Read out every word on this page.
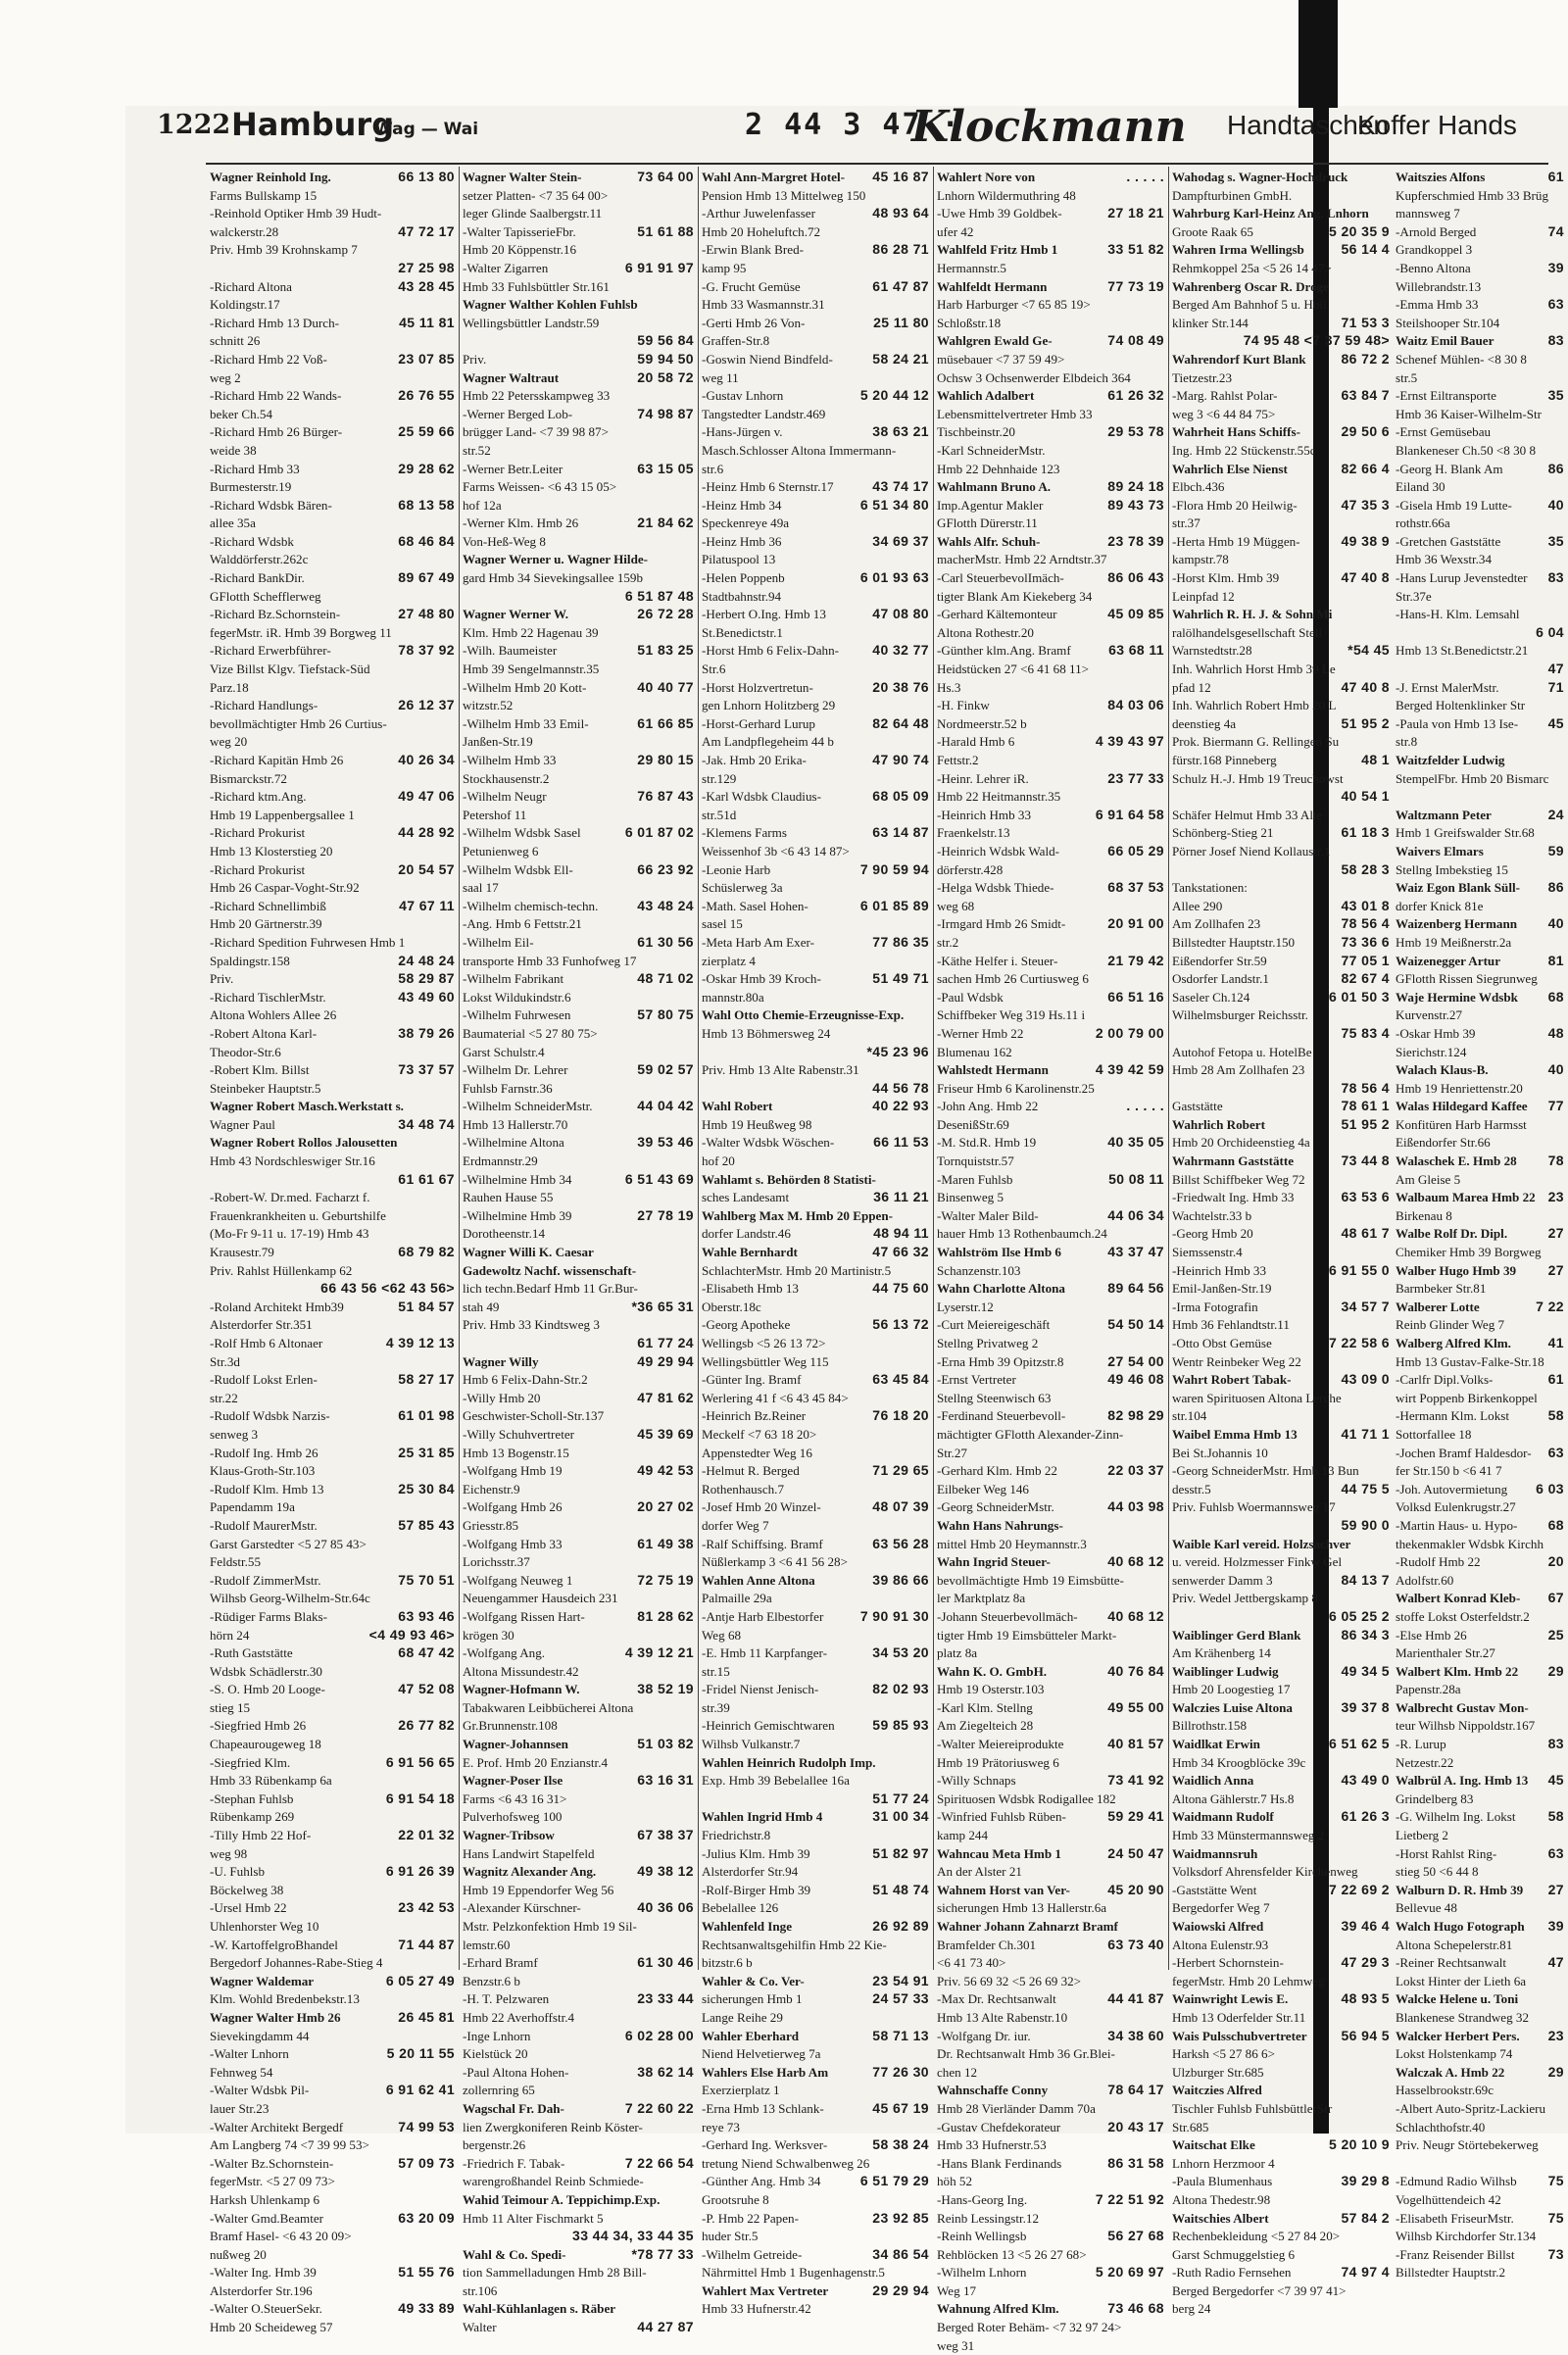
1222 Hamburg
Wag — Wai	2 44 3 47 ·
Klockmann Handtaschen
Koffer Hands
Wagner Reinhold Ing.	66 13 80
Farms Bullskamp 15
-Reinhold Optiker Hmb 39 Hudt-
walckerstr.28	47 72 17
Priv. Hmb 39 Krohnskamp 7
27 25 98
-Richard Altona	43 28 45
Koldingstr.17
-Richard Hmb 13 Durch-	45 11 81
schnitt 26
-Richard Hmb 22 Voß-	23 07 85
weg 2
-Richard Hmb 22 Wands-	26 76 55
beker Ch.54
-Richard Hmb 26 Bürger-	25 59 66
weide 38
-Richard Hmb 33	29 28 62
Burmesterstr.19
-Richard Wdsbk Bären-	68 13 58
allee 35a
-Richard Wdsbk	68 46 84
Walddörferstr.262c
-Richard BankDir.	89 67 49
GFlotth Schefflerweg
-Richard Bz.Schornstein-	27 48 80
fegerMstr. iR. Hmb 39 Borgweg 11
-Richard Erwerbführer-	78 37 92
Vize Billst Klgv. Tiefstack-Süd
Parz.18
-Richard Handlungs-	26 12 37
bevollmächtigter Hmb 26 Curtius-
weg 20
-Richard Kapitän Hmb 26	40 26 34
Bismarckstr.72
-Richard ktm.Ang.	49 47 06
Hmb 19 Lappenbergsallee 1
-Richard Prokurist	44 28 92
Hmb 13 Klosterstieg 20
-Richard Prokurist	20 54 57
Hmb 26 Caspar-Voght-Str.92
-Richard Schnellimbiß	47 67 11
Hmb 20 Gärtnerstr.39
-Richard Spedition Fuhrwesen Hmb 1
Spaldingstr.158	24 48 24
Priv.	58 29 87
-Richard TischlerMstr.	43 49 60
Altona Wohlers Allee 26
-Robert Altona Karl-	38 79 26
Theodor-Str.6
-Robert Klm. Billst	73 37 57
Steinbeker Hauptstr.5
Wagner Robert Masch.Werkstatt s.
Wagner Paul	34 48 74
Wagner Robert Rollos Jalousetten
Hmb 43 Nordschleswiger Str.16
61 61 67
-Robert-W. Dr.med. Facharzt f.
Frauenkrankheiten u. Geburtshilfe
(Mo-Fr 9-11 u. 17-19) Hmb 43
Krausestr.79	68 79 82
Priv. Rahlst Hüllenkamp 62
66 43 56 <62 43 56>
-Roland Architekt Hmb39	51 84 57
Alsterdorfer Str.351
-Rolf Hmb 6 Altonaer	4 39 12 13
Str.3d
-Rudolf Lokst Erlen-	58 27 17
str.22
-Rudolf Wdsbk Narzis-	61 01 98
senweg 3
-Rudolf Ing. Hmb 26	25 31 85
Klaus-Groth-Str.103
-Rudolf Klm. Hmb 13	25 30 84
Papendamm 19a
-Rudolf MaurerMstr.	57 85 43
Garst Garstedter <5 27 85 43>
Feldstr.55
-Rudolf ZimmerMstr.	75 70 51
Wilhsb Georg-Wilhelm-Str.64c
-Rüdiger Farms Blaks-	63 93 46
hörn 24	<4 49 93 46>
-Ruth Gaststätte	68 47 42
Wdsbk Schädlerstr.30
-S. O. Hmb 20 Looge-	47 52 08
stieg 15
-Siegfried Hmb 26	26 77 82
Chapeaurougeweg 18
-Siegfried Klm.	6 91 56 65
Hmb 33 Rübenkamp 6a
-Stephan Fuhlsb	6 91 54 18
Rübenkamp 269
-Tilly Hmb 22 Hof-	22 01 32
weg 98
-U. Fuhlsb	6 91 26 39
Böckelweg 38
-Ursel Hmb 22	23 42 53
Uhlenhorster Weg 10
-W. KartoffelgroBhandel	71 44 87
Bergedorf Johannes-Rabe-Stieg 4
Wagner Waldemar	6 05 27 49
Klm. Wohld Bredenbekstr.13
Wagner Walter Hmb 26	26 45 81
Sievekingdamm 44
-Walter Lnhorn	5 20 11 55
Fehnweg 54
-Walter Wdsbk Pil-	6 91 62 41
lauer Str.23
-Walter Architekt Bergedf	74 99 53
Am Langberg 74 <7 39 99 53>
-Walter Bz.Schornstein-	57 09 73
fegerMstr. <5 27 09 73>
Harksh Uhlenkamp 6
-Walter Gmd.Beamter	63 20 09
Bramf Hasel- <6 43 20 09>
nußweg 20
-Walter Ing. Hmb 39	51 55 76
Alsterdorfer Str.196
-Walter O.SteuerSekr.	49 33 89
Hmb 20 Scheideweg 57
Wagner Walter Stein-	73 64 00
setzer Platten- <7 35 64 00>
leger Glinde Saalbergstr.11
-Walter TapisserieFbr.	51 61 88
Hmb 20 Köppenstr.16
-Walter Zigarren	6 91 91 97
Hmb 33 Fuhlsbüttler Str.161
Wagner Walther Kohlen Fuhlsb
Wellingsbüttler Landstr.59
59 56 84
Priv.	59 94 50
Wagner Waltraut	20 58 72
Hmb 22 Petersskampweg 33
-Werner Berged Lob-	74 98 87
brügger Land- <7 39 98 87>
str.52
-Werner Betr.Leiter	63 15 05
Farms Weissen- <6 43 15 05>
hof 12a
-Werner Klm. Hmb 26	21 84 62
Von-Heß-Weg 8
Wagner Werner u. Wagner Hilde-
gard Hmb 34 Sievekingsallee 159b
6 51 87 48
Wagner Werner W.	26 72 28
Klm. Hmb 22 Hagenau 39
-Wilh. Baumeister	51 83 25
Hmb 39 Sengelmannstr.35
-Wilhelm Hmb 20 Kott-	40 40 77
witzstr.52
-Wilhelm Hmb 33 Emil-	61 66 85
Janßen-Str.19
-Wilhelm Hmb 33	29 80 15
Stockhausenstr.2
-Wilhelm Neugr	76 87 43
Petershof 11
-Wilhelm Wdsbk Sasel	6 01 87 02
Petunienweg 6
-Wilhelm Wdsbk Ell-	66 23 92
saal 17
-Wilhelm chemisch-techn.	43 48 24
-Ang. Hmb 6 Fettstr.21
-Wilhelm Eil-	61 30 56
transporte Hmb 33 Funhofweg 17
-Wilhelm Fabrikant	48 71 02
Lokst Wildukindstr.6
-Wilhelm Fuhrwesen	57 80 75
Baumaterial <5 27 80 75>
Garst Schulstr.4
-Wilhelm Dr. Lehrer	59 02 57
Fuhlsb Farnstr.36
-Wilhelm SchneiderMstr.	44 04 42
Hmb 13 Hallerstr.70
-Wilhelmine Altona	39 53 46
Erdmannstr.29
-Wilhelmine Hmb 34	6 51 43 69
Rauhen Hause 55
-Wilhelmine Hmb 39	27 78 19
Dorotheenstr.14
Wagner Willi K. Caesar
Gadewoltz Nachf. wissenschaft-
lich techn.Bedarf Hmb 11 Gr.Bur-
stah 49	*36 65 31
Priv. Hmb 33 Kindtsweg 3
61 77 24
Wagner Willy	49 29 94
Hmb 6 Felix-Dahn-Str.2
-Willy Hmb 20	47 81 62
Geschwister-Scholl-Str.137
-Willy Schuhvertreter	45 39 69
Hmb 13 Bogenstr.15
-Wolfgang Hmb 19	49 42 53
Eichenstr.9
-Wolfgang Hmb 26	20 27 02
Griesstr.85
-Wolfgang Hmb 33	61 49 38
Lorichsstr.37
-Wolfgang Neuweg 1	72 75 19
Neuengammer Hausdeich 231
-Wolfgang Rissen Hart-	81 28 62
krögen 30
-Wolfgang Ang.	4 39 12 21
Altona Missundestr.42
Wagner-Hofmann W.	38 52 19
Tabakwaren Leibbücherei Altona
Gr.Brunnenstr.108
Wagner-Johannsen	51 03 82
E. Prof. Hmb 20 Enzianstr.4
Wagner-Poser Ilse	63 16 31
Farms <6 43 16 31>
Pulverhofsweg 100
Wagner-Tribsow	67 38 37
Hans Landwirt Stapelfeld
Wagnitz Alexander Ang.	49 38 12
Hmb 19 Eppendorfer Weg 56
-Alexander Kürschner-	40 36 06
Mstr. Pelzkonfektion Hmb 19 Sil-
lemstr.60
-Erhard Bramf	61 30 46
Benzstr.6 b
-H. T. Pelzwaren	23 33 44
Hmb 22 Averhoffstr.4
-Inge Lnhorn	6 02 28 00
Kielstück 20
-Paul Altona Hohen-	38 62 14
zollernring 65
Wagschal Fr. Dah-	7 22 60 22
lien Zwergkoniferen Reinb Köster-
bergenstr.26
-Friedrich F. Tabak-	7 22 66 54
warengroßhandel Reinb Schmiede-
Wahid Teimour A. Teppichimp.Exp.
Hmb 11 Alter Fischmarkt 5
33 44 34, 33 44 35
Wahl & Co. Spedi-	*78 77 33
tion Sammelladungen Hmb 28 Bill-
str.106
Wahl-Kühlanlagen s. Räber
Walter	44 27 87
Wahl Ann-Margret Hotel- 45 16 87
Pension Hmb 13 Mittelweg 150
-Arthur Juwelenfasser	48 93 64
Hmb 20 Hoheluftch.72
-Erwin Blank Bred-	86 28 71
kamp 95
-G. Frucht Gemüse	61 47 87
Hmb 33 Wasmannstr.31
-Gerti Hmb 26 Von-	25 11 80
Graffen-Str.8
-Goswin Niend Bindfeld-	58 24 21
weg 11
-Gustav Lnhorn	5 20 44 12
Tangstedter Landstr.469
-Hans-Jürgen v.	38 63 21
Masch.Schlosser Altona Immermann-
str.6
-Heinz Hmb 6 Sternstr.17	43 74 17
-Heinz Hmb 34	6 51 34 80
Speckenreye 49a
-Heinz Hmb 36	34 69 37
Pilatuspool 13
-Helen Poppenb	6 01 93 63
Stadtbahnstr.94
-Herbert O.Ing. Hmb 13	47 08 80
St.Benedictstr.1
-Horst Hmb 6 Felix-Dahn- 40 32 77
Str.6
-Horst Holzvertretun-	20 38 76
gen Lnhorn Holitzberg 29
-Horst-Gerhard Lurup	82 64 48
Am Landpflegeheim 44 b
-Jak. Hmb 20 Erika-	47 90 74
str.129
-Karl Wdsbk Claudius-	68 05 09
str.51d
-Klemens Farms	63 14 87
Weissenhof 3b <6 43 14 87>
-Leonie Harb	7 90 59 94
Schüslerweg 3a
-Math. Sasel Hohen-	6 01 85 89
sasel 15
-Meta Harb Am Exer-	77 86 35
zierplatz 4
-Oskar Hmb 39 Kroch-	51 49 71
mannstr.80a
Wahl Otto Chemie-Erzeugnisse-Exp.
Hmb 13 Böhmersweg 24
*45 23 96
Priv. Hmb 13 Alte Rabenstr.31
44 56 78
Wahl Robert	40 22 93
Hmb 19 Heußweg 98
-Walter Wdsbk Wöschen-	66 11 53
hof 20
Wahlamt s. Behörden 8 Statisti-
sches Landesamt	36 11 21
Wahlberg Max M. Hmb 20 Eppen-
dorfer Landstr.46	48 94 11
Wahle Bernhardt	47 66 32
SchlachterMstr. Hmb 20 Martinistr.5
-Elisabeth Hmb 13	44 75 60
Oberstr.18c
-Georg Apotheke	56 13 72
Wellingsb <5 26 13 72>
Wellingsbüttler Weg 115
-Günter Ing. Bramf	63 45 84
Werlering 41 f <6 43 45 84>
-Heinrich Bz.Reiner	76 18 20
Meckelf <7 63 18 20>
Appenstedter Weg 16
-Helmut R. Berged	71 29 65
Rothenhausch.7
-Josef Hmb 20 Winzel-	48 07 39
dorfer Weg 7
-Ralf Schiffsing. Bramf	63 56 28
Nüßlerkamp 3 <6 41 56 28>
Wahlen Anne Altona	39 86 66
Palmaille 29a
-Antje Harb Elbestorfer	7 90 91 30
Weg 68
-E. Hmb 11 Karpfanger-	34 53 20
str.15
-Fridel Nienst Jenisch-	82 02 93
str.39
-Heinrich Gemischtwaren	59 85 93
Wilhsb Vulkanstr.7
Wahlen Heinrich Rudolph Imp.
Exp. Hmb 39 Bebelallee 16a
51 77 24
Wahlen Ingrid Hmb 4	31 00 34
Friedrichstr.8
-Julius Klm. Hmb 39	51 82 97
Alsterdorfer Str.94
-Rolf-Birger Hmb 39	51 48 74
Bebelallee 126
Wahlenfeld Inge	26 92 89
Rechtsanwaltsgehilfin Hmb 22 Kie-
bitzstr.6 b
Wahler & Co. Ver-	23 54 91
sicherungen Hmb 1	24 57 33
Lange Reihe 29
Wahler Eberhard	58 71 13
Niend Helvetierweg 7a
Wahlers Else Harb Am	77 26 30
Exerzierplatz 1
-Erna Hmb 13 Schlank-	45 67 19
reye 73
-Gerhard Ing. Werksver-	58 38 24
tretung Niend Schwalbenweg 26
-Günther Ang. Hmb 34	6 51 79 29
Grootsruhe 8
-P. Hmb 22 Papen-	23 92 85
huder Str.5
-Wilhelm Getreide-	34 86 54
Nährmittel Hmb 1 Bugenhagenstr.5
Wahlert Max Vertreter	29 29 94
Hmb 33 Hufnerstr.42
Wahlert Nore von	. . . . .
Lnhorn Wildermuthring 48
-Uwe Hmb 39 Goldbek-	27 18 21
ufer 42
Wahlfeld Fritz Hmb 1	33 51 82
Hermannstr.5
Wahlfeldt Hermann	77 73 19
Harb Harburger <7 65 85 19>
Schloßstr.18
Wahlgren Ewald Ge-	74 08 49
müsebauer <7 37 59 49>
Ochsw 3 Ochsenwerder Elbdeich 364
Wahlich Adalbert	61 26 32
Lebensmittelvertreter Hmb 33
Tischbeinstr.20	29 53 78
-Karl SchneiderMstr.
Hmb 22 Dehnhaide 123
Wahlmann Bruno A.	89 24 18
Imp.Agentur Makler	89 43 73
GFlotth Dürerstr.11
Wahls Alfr. Schuh-	23 78 39
macherMstr. Hmb 22 Arndtstr.37
-Carl SteuerbevolImäch-	86 06 43
tigter Blank Am Kiekeberg 34
-Gerhard Kältemonteur	45 09 85
Altona Rothestr.20
-Günther klm.Ang. Bramf	63 68 11
Heidstücken 27 <6 41 68 11>
Hs.3
-H. Finkw	84 03 06
Nordmeerstr.52 b
-Harald Hmb 6	4 39 43 97
Fettstr.2
-Heinr. Lehrer iR.	23 77 33
Hmb 22 Heitmannstr.35
-Heinrich Hmb 33	6 91 64 58
Fraenkelstr.13
-Heinrich Wdsbk Wald-	66 05 29
dörferstr.428
-Helga Wdsbk Thiede-	68 37 53
weg 68
-Irmgard Hmb 26 Smidt-	20 91 00
str.2
-Käthe Helfer i. Steuer-	21 79 42
sachen Hmb 26 Curtiusweg 6
-Paul Wdsbk	66 51 16
Schiffbeker Weg 319 Hs.11 i
-Werner Hmb 22	2 00 79 00
Blumenau 162
Wahlstedt Hermann	4 39 42 59
Friseur Hmb 6 Karolinenstr.25
-John Ang. Hmb 22	. . . . .
DesenißStr.69
-M. Std.R. Hmb 19	40 35 05
Tornquiststr.57
-Maren Fuhlsb	50 08 11
Binsenweg 5
-Walter Maler Bild-	44 06 34
hauer Hmb 13 Rothenbaumch.24
Wahlström Ilse Hmb 6	43 37 47
Schanzenstr.103
Wahn Charlotte Altona	89 64 56
Lyserstr.12
-Curt Meiereigeschäft	54 50 14
Stellng Privatweg 2
-Erna Hmb 39 Opitzstr.8	27 54 00
-Ernst Vertreter	49 46 08
Stellng Steenwisch 63
-Ferdinand Steuerbevoll-	82 98 29
mächtigter GFlotth Alexander-Zinn-
Str.27
-Gerhard Klm. Hmb 22	22 03 37
Eilbeker Weg 146
-Georg SchneiderMstr.	44 03 98
Wahn Hans Nahrungs-
mittel Hmb 20 Heymannstr.3
Wahn Ingrid Steuer-	40 68 12
bevollmächtigte Hmb 19 Eimsbütte-
ler Marktplatz 8a
-Johann Steuerbevollmäch- 40 68 12
tigter Hmb 19 Eimsbütteler Markt-
platz 8a
Wahn K. O. GmbH.	40 76 84
Hmb 19 Osterstr.103
-Karl Klm. Stellng	49 55 00
Am Ziegelteich 28
-Walter Meiereiprodukte	40 81 57
Hmb 19 Prätoriusweg 6
-Willy Schnaps	73 41 92
Spirituosen Wdsbk Rodigallee 182
-Winfried Fuhlsb Rüben-	59 29 41
kamp 244
Wahncau Meta Hmb 1	24 50 47
An der Alster 21
Wahnem Horst van Ver-	45 20 90
sicherungen Hmb 13 Hallerstr.6a
Wahner Johann Zahnarzt Bramf
Bramfelder Ch.301	63 73 40
<6 41 73 40>
Priv. 56 69 32 <5 26 69 32>
-Max Dr. Rechtsanwalt	44 41 87
Hmb 13 Alte Rabenstr.10
-Wolfgang Dr. iur.	34 38 60
Dr. Rechtsanwalt Hmb 36 Gr.Blei-
chen 12
Wahnschaffe Conny	78 64 17
Hmb 28 Vierländer Damm 70a
-Gustav Chefdekorateur	20 43 17
Hmb 33 Hufnerstr.53
-Hans Blank Ferdinands	86 31 58
höh 52
-Hans-Georg Ing.	7 22 51 92
Reinb Lessingstr.12
-Reinh Wellingsb	56 27 68
Rehblöcken 13 <5 26 27 68>
-Wilhelm Lnhorn	5 20 69 97
Weg 17
Wahnung Alfred Klm.	73 46 68
Berged Roter Behäm- <7 32 97 24>
weg 31
Wahodag s. Wagner-Hochdruck
Dampfturbinen GmbH.
Wahrburg Karl-Heinz Ang. Lnhorn
Groote Raak 65	5 20 35 9
Wahren Irma Wellingsb	56 14 4
Rehmkoppel 25a <5 26 14 47>
Wahrenberg Oscar R. Droge
Berged Am Bahnhof 5 u. Holl
klinker Str.144	71 53 3
74 95 48 <7 37 59 48>
Wahrendorf Kurt Blank	86 72 2
Tietzestr.23
-Marg. Rahlst Polar-	63 84 7
weg 3 <6 44 84 75>
Wahrheit Hans Schiffs-	29 50 6
Ing. Hmb 22 Stückenstr.55c
Wahrlich Else Nienst	82 66 4
Elbch.436
-Flora Hmb 20 Heilwig-	47 35 3
str.37
-Herta Hmb 19 Müggen-	49 38 9
kampstr.78
-Horst Klm. Hmb 39	47 40 8
Leinpfad 12
Wahrlich R. H. J. & Sohn Mi
ralölhandelsgesellschaft Stell
Warnstedtstr.28	*54 45
Inh. Wahrlich Horst Hmb 39 Le
pfad 12	47 40 8
Inh. Wahrlich Robert Hmb 20 L
deenstieg 4a	51 95 2
Prok. Biermann G. Rellingen Su
fürstr.168 Pinneberg	48 1
Schulz H.-J. Hmb 19 Treuchowst
40 54 1
Schäfer Helmut Hmb 33 Alte
Schönberg-Stieg 21	61 18 3
Pörner Josef Niend Kollaustr.1
58 28 3
Tankstationen:
Allee 290	43 01 8
Am Zollhafen 23	78 56 4
Billstedter Hauptstr.150	73 36 6
Eißendorfer Str.59	77 05 1
Osdorfer Landstr.1	82 67 4
Saseler Ch.124	6 01 50 3
Wilhelmsburger Reichsstr.
75 83 4
Autohof Fetopa u. HotelBe
Hmb 28 Am Zollhafen 23
78 56 4
Gaststätte	78 61 1
Wahrlich Robert	51 95 2
Hmb 20 Orchideenstieg 4a
Wahrmann Gaststätte	73 44 8
Billst Schiffbeker Weg 72
-Friedwalt Ing. Hmb 33	63 53 6
Wachtelstr.33 b
-Georg Hmb 20	48 61 7
Siemssenstr.4
-Heinrich Hmb 33	6 91 55 0
Emil-Janßen-Str.19
-Irma Fotografin	34 57 7
Hmb 36 Fehlandtstr.11
-Otto Obst Gemüse	7 22 58 6
Wentr Reinbeker Weg 22
Wahrt Robert Tabak-	43 09 0
waren Spirituosen Altona Lerche
str.104
Waibel Emma Hmb 13	41 71 1
Bei St.Johannis 10
-Georg SchneiderMstr. Hmb 13 Bun
desstr.5	44 75 5
Priv. Fuhlsb Woermannsweg 17
59 90 0
Waible Karl vereid. Holzsachver
u. vereid. Holzmesser Finkw Gel
senwerder Damm 3	84 13 7
Priv. Wedel Jettbergskamp 8
6 05 25 2
Waiblinger Gerd Blank	86 34 3
Am Krähenberg 14
Waiblinger Ludwig	49 34 5
Hmb 20 Loogestieg 17
Walczies Luise Altona	39 37 8
Billrothstr.158
Waidlkat Erwin	6 51 62 5
Hmb 34 Kroogblöcke 39c
Waidlich Anna	43 49 0
Altona Gählerstr.7 Hs.8
Waidmann Rudolf	61 26 3
Hmb 33 Münstermannsweg 2
Waidmannsruh
Volksdorf Ahrensfelder Kirchenweg
-Gaststätte Went	7 22 69 2
Bergedorfer Weg 7
Waiowski Alfred	39 46 4
Altona Eulenstr.93
-Herbert Schornstein-	47 29 3
fegerMstr. Hmb 20 Lehmweg
Wainwright Lewis E.	48 93 5
Hmb 13 Oderfelder Str.11
Wais Pulsschubvertreter 56 94 5
Harksh <5 27 86 6>
Ulzburger Str.685
Waitczies Alfred
Tischler Fuhlsb FuhlsbüttlerStr
Str.685
Waitschat Elke	5 20 10 9
Lnhorn Herzmoor 4
-Paula Blumenhaus	39 29 8
Altona Thedestr.98
Waitschies Albert	57 84 2
Rechenbekleidung <5 27 84 20>
Garst Schmuggelstieg 6
-Ruth Radio Fernsehen	74 97 4
Berged Bergedorfer <7 39 97 41>
berg 24
Waitszies Alfons	61
Kupferschmied Hmb 33 Brüg
mannsweg 7
-Arnold Berged	74
Grandkoppel 3
-Benno Altona	39
Willebrandstr.13
-Emma Hmb 33	63
Steilshooper Str.104
Waitz Emil Bauer	83
Schenef Mühlen- <8 30 8
str.5
-Ernst Eiltransporte	35
Hmb 36 Kaiser-Wilhelm-Str
-Ernst Gemüsebau
Blankeneser Ch.50 <8 30 8
-Georg H. Blank Am	86
Eiland 30
-Gisela Hmb 19 Lutte-	40
rothstr.66a
-Gretchen Gaststätte	35
Hmb 36 Wexstr.34
-Hans Lurup Jevenstedter 83
Str.37e
-Hans-H. Klm. Lemsahl
6 04
Hmb 13 St.Benedictstr.21
47
-J. Ernst MalerMstr.	71
Berged Holtenklinker Str
-Paula von Hmb 13 Ise- 45
str.8
Waitzfelder Ludwig
StempelFbr. Hmb 20 Bismarc
Waltzmann Peter	24
Hmb 1 Greifswalder Str.68
Waivers Elmars	59
Stellng Imbekstieg 15
Waiz Egon Blank Süll- 86
dorfer Knick 81e
Waizenberg Hermann 40
Hmb 19 Meißnerstr.2a
Waizenegger Artur	81
GFlotth Rissen Siegrunweg
Waje Hermine Wdsbk 68
Kurvenstr.27
-Oskar Hmb 39	48
Sierichstr.124
Walach Klaus-B.	40
Hmb 19 Henriettenstr.20
Walas Hildegard Kaffee 77
Konfitüren Harb Harmsst
Eißendorfer Str.66
Walaschek E. Hmb 28 78
Am Gleise 5
Walbaum Marea Hmb 22 23
Birkenau 8
Walbe Rolf Dr. Dipl.	27
Chemiker Hmb 39 Borgweg
Walber Hugo Hmb 39 27
Barmbeker Str.81
Walberer Lotte	7 22
Reinb Glinder Weg 7
Walberg Alfred Klm.	41
Hmb 13 Gustav-Falke-Str.18
-Carlfr Dipl.Volks-	61
wirt Poppenb Birkenkoppel
-Hermann Klm. Lokst	58
Sottorfallee 18
-Jochen Bramf Haldesdor- 63
fer Str.150 b <6 41 7
-Joh. Autovermietung 6 03
Volksd Eulenkrugstr.27
-Martin Haus- u. Hypo- 68
thekenmakler Wdsbk Kirchh
-Rudolf Hmb 22	20
Adolfstr.60
Walbert Konrad Kleb- 67
stoffe Lokst Osterfeldstr.2
-Else Hmb 26	25
Marienthaler Str.27
Walbert Klm. Hmb 22 29
Papenstr.28a
Walbrecht Gustav Mon-
teur Wilhsb Nippoldstr.167
-R. Lurup	83
Netzestr.22
Walbrül A. Ing. Hmb 13 45
Grindelberg 83
-G. Wilhelm Ing. Lokst 58
Lietberg 2
-Horst Rahlst Ring-	63
stieg 50 <6 44 8
Walburn D. R. Hmb 39 27
Bellevue 48
Walch Hugo Fotograph 39
Altona Schepelerstr.81
-Reiner Rechtsanwalt	47
Lokst Hinter der Lieth 6a
Walcke Helene u. Toni
Blankenese Strandweg 32
Walcker Herbert Pers. 23
Lokst Holstenkamp 74
Walczak A. Hmb 22	29
Hasselbrookstr.69c
-Albert Auto-Spritz-Lackieru
Schlachthofstr.40
Priv. Neugr Störtebekerweg
-Edmund Radio Wilhsb 75
Vogelhüttendeich 42
-Elisabeth FriseurMstr. 75
Wilhsb Kirchdorfer Str.134
-Franz Reisender Billst 73
Billstedter Hauptstr.2
